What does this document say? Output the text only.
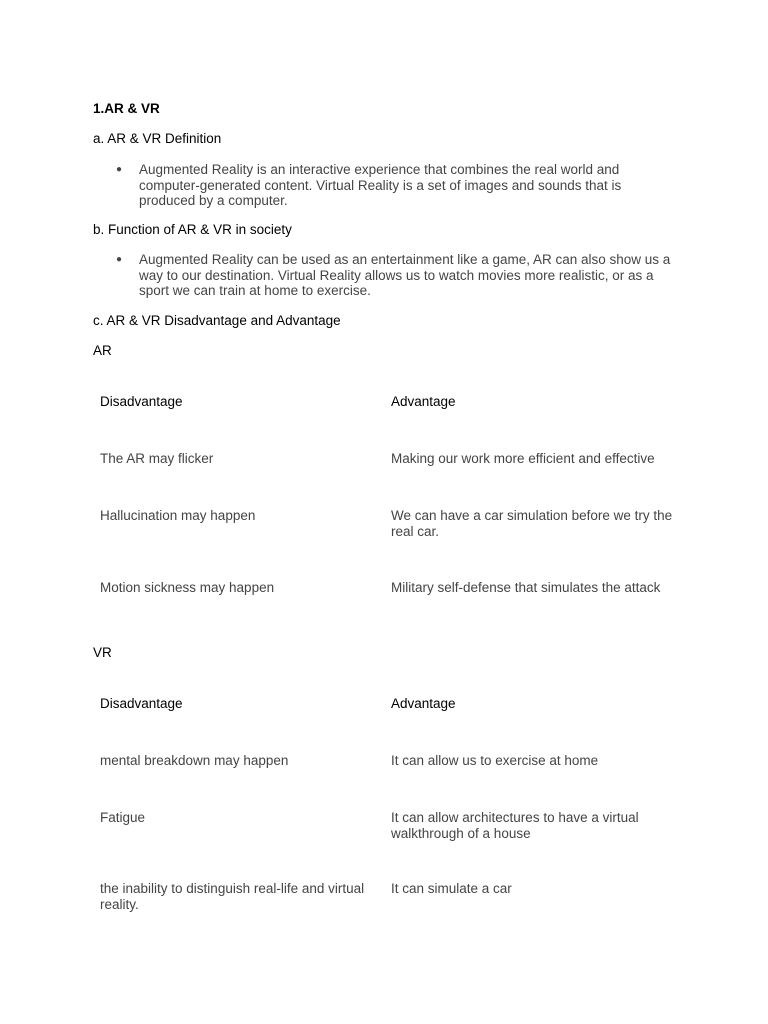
1.AR & VR
a. AR & VR Definition
● Augmented Reality is an interactive experience that combines the real world and computer-generated content. Virtual Reality is a set of images and sounds that is produced by a computer.
b. Function of AR & VR in society
● Augmented Reality can be used as an entertainment like a game, AR can also show us a way to our destination. Virtual Reality allows us to watch movies more realistic, or as a sport we can train at home to exercise.
c. AR & VR Disadvantage and Advantage
AR
Disadvantage	Advantage
The AR may flicker	Making our work more efficient and effective
Hallucination may happen	We can have a car simulation before we try the real car.
Motion sickness may happen	Military self-defense that simulates the attack
VR
Disadvantage	Advantage
mental breakdown may happen	It can allow us to exercise at home
Fatigue	It can allow architectures to have a virtual walkthrough of a house
the inability to distinguish real-life and virtual reality.	It can simulate a car
